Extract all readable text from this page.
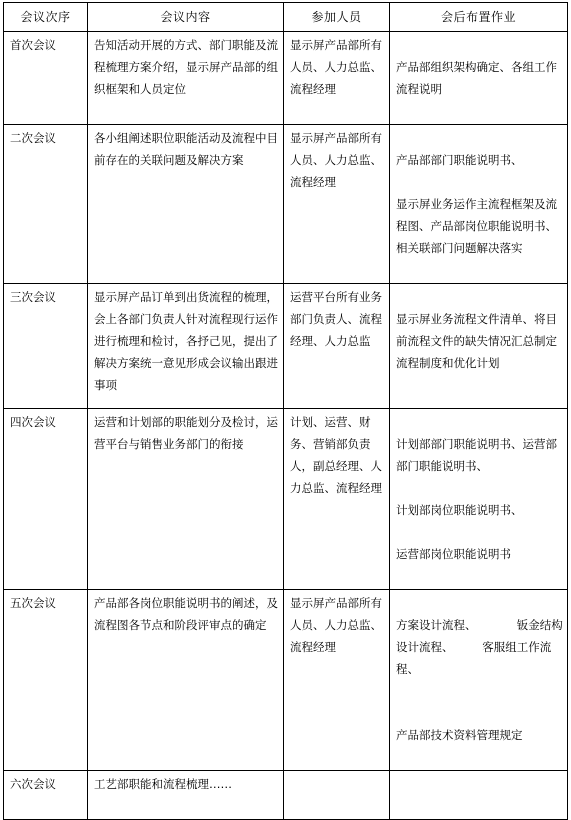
会议次序	会议内容	参加人员	会后布置作业
首次会议	告知活动开展的方式、部门职能及流程梳理方案介绍，显示屏产品部的组织框架和人员定位	显示屏产品部所有人员、人力总监、流程经理	产品部组织架构确定、各组工作流程说明

二次会议	各小组阐述职位职能活动及流程中目前存在的关联问题及解决方案	显示屏产品部所有人员、人力总监、流程经理	产品部部门职能说明书、

显示屏业务运作主流程框架及流程图、产品部岗位职能说明书、相关联部门问题解决落实

三次会议	显示屏产品订单到出货流程的梳理，会上各部门负责人针对流程现行运作进行梳理和检讨，各抒己见，提出了解决方案统一意见形成会议输出跟进事项	运营平台所有业务部门负责人、流程经理、人力总监	显示屏业务流程文件清单、将目前流程文件的缺失情况汇总制定流程制度和优化计划

四次会议	运营和计划部的职能划分及检讨，运营平台与销售业务部门的衔接	计划、运营、财务、营销部负责人，副总经理、人力总监、流程经理	计划部部门职能说明书、运营部部门职能说明书、

计划部岗位职能说明书、

运营部岗位职能说明书

五次会议	产品部各岗位职能说明书的阐述，及流程图各节点和阶段评审点的确定	显示屏产品部所有人员、人力总监、流程经理	方案设计流程、　　　　钣金结构设计流程、　　　客服组工作流程、

产品部技术资料管理规定

六次会议	工艺部职能和流程梳理……		
